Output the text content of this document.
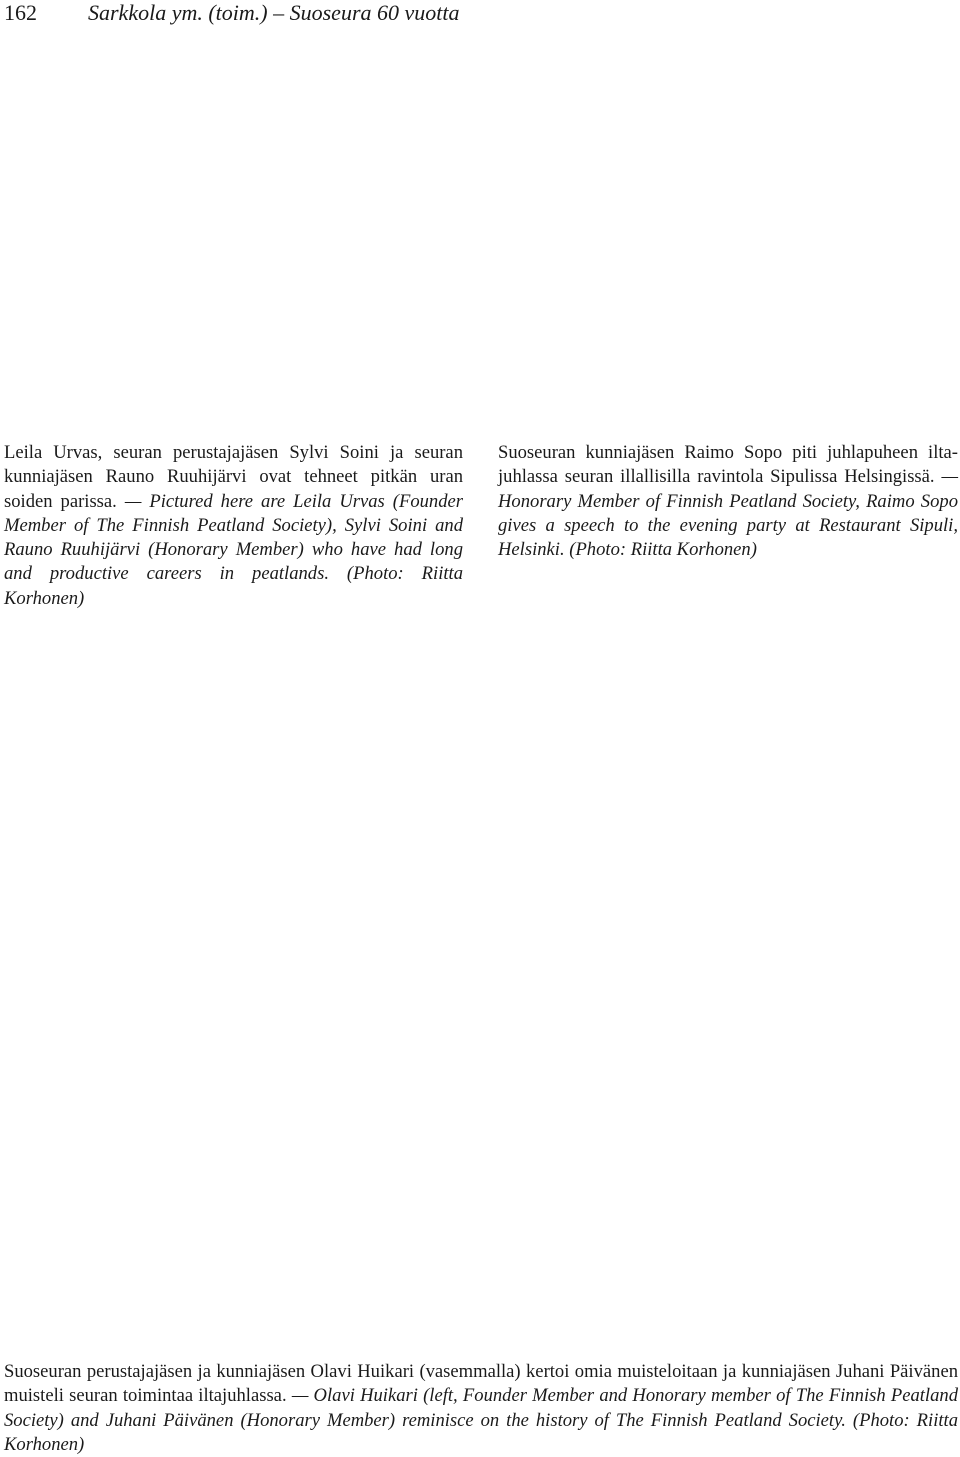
162 Sarkkola ym. (toim.) – Suoseura 60 vuotta

Leila Urvas, seuran perustajajäsen Sylvi Soini ja seuran kunniajäsen Rauno Ruuhijärvi ovat tehneet pitkän uran soiden parissa. — Pictured here are Leila Urvas (Founder Member of The Finnish Peatland Society), Sylvi Soini and Rauno Ruuhijärvi (Honorary Member) who have had long and productive careers in peatlands. (Photo: Riitta Korhonen)

Suoseuran kunniajäsen Raimo Sopo piti juhlapuheen iltajuhlassa seuran illallisilla ravintola Sipulissa Helsingissä. — Honorary Member of Finnish Peatland Society, Raimo Sopo gives a speech to the evening party at Restaurant Sipuli, Helsinki. (Photo: Riitta Korhonen)

Suoseuran perustajajäsen ja kunniajäsen Olavi Huikari (vasemmalla) kertoi omia muisteloitaan ja kunniajäsen Juhani Päivänen muisteli seuran toimintaa iltajuhlassa. — Olavi Huikari (left, Founder Member and Honorary member of The Finnish Peatland Society) and Juhani Päivänen (Honorary Member) reminisce on the history of The Finnish Peatland Society. (Photo: Riitta Korhonen)
